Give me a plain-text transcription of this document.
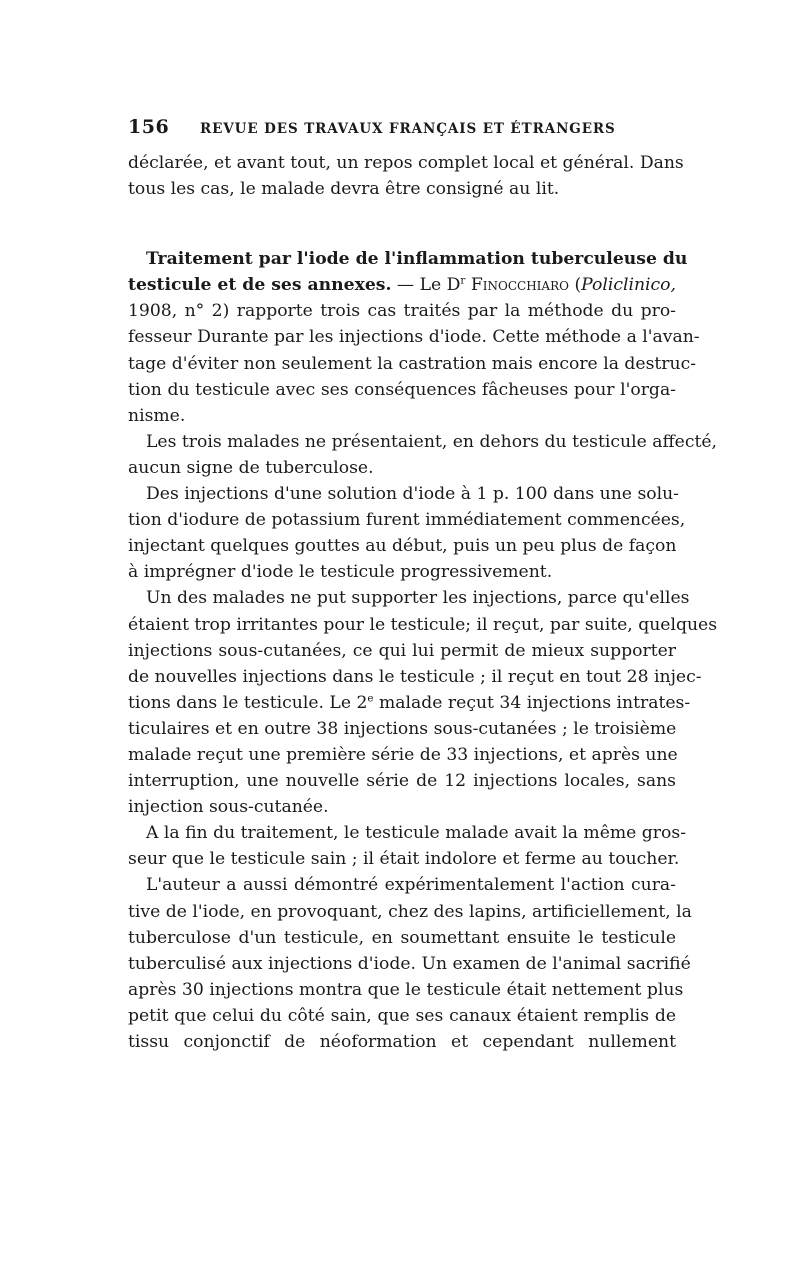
156	REVUE DES TRAVAUX FRANÇAIS ET ÉTRANGERS
déclarée, et avant tout, un repos complet local et général. Dans
tous les cas, le malade devra être consigné au lit.
Traitement par l'iode de l'inflammation tuberculeuse du
testicule et de ses annexes. — Le $D^r$ Finocchiaro (Policlinico,
1908, n° 2) rapporte trois cas traités par la méthode du pro-
fesseur Durante par les injections d'iode. Cette méthode a l'avan-
tage d'éviter non seulement la castration mais encore la destruc-
tion du testicule avec ses conséquences fâcheuses pour l'orga-
nisme.
Les trois malades ne présentaient, en dehors du testicule affecté,
aucun signe de tuberculose.
Des injections d'une solution d'iode à 1 p. 100 dans une solu-
tion d'iodure de potassium furent immédiatement commencées,
injectant quelques gouttes au début, puis un peu plus de façon
à imprégner d'iode le testicule progressivement.
Un des malades ne put supporter les injections, parce qu'elles
étaient trop irritantes pour le testicule; il reçut, par suite, quelques
injections sous-cutanées, ce qui lui permit de mieux supporter
de nouvelles injections dans le testicule ; il reçut en tout 28 injec-
tions dans le testicule. Le 2e malade reçut 34 injections intrates-
ticulaires et en outre 38 injections sous-cutanées ; le troisième
malade reçut une première série de 33 injections, et après une
interruption, une nouvelle série de 12 injections locales, sans
injection sous-cutanée.
A la fin du traitement, le testicule malade avait la même gros-
seur que le testicule sain ; il était indolore et ferme au toucher.
L'auteur a aussi démontré expérimentalement l'action cura-
tive de l'iode, en provoquant, chez des lapins, artificiellement, la
tuberculose d'un testicule, en soumettant ensuite le testicule
tuberculisé aux injections d'iode. Un examen de l'animal sacrifié
après 30 injections montra que le testicule était nettement plus
petit que celui du côté sain, que ses canaux étaient remplis de
tissu conjonctif de néoformation et cependant nullement
